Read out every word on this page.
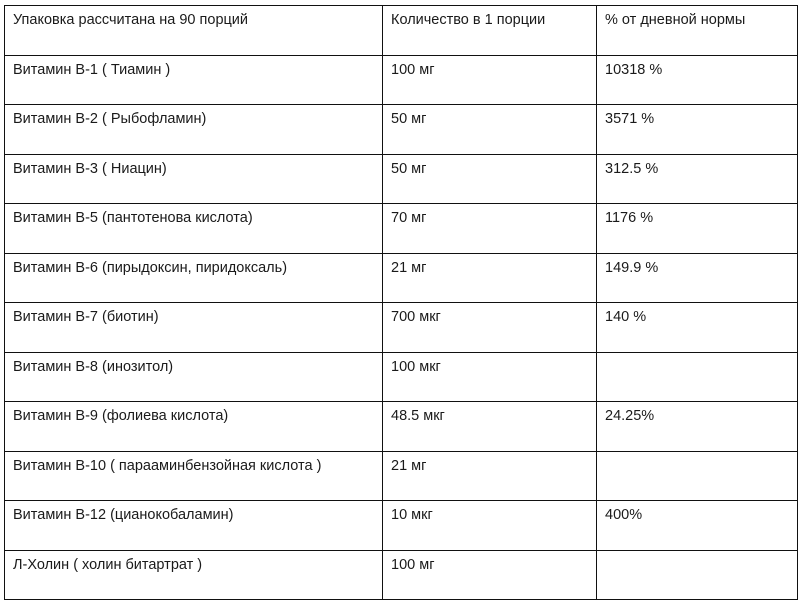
Упаковка рассчитана на 90 порций	Количество в 1 порции	% от дневной нормы
Витамин В-1 ( Тиамин )	100 мг	10318 %
Витамин В-2 ( Рыбофламин)	50 мг	3571 %
Витамин В-3 ( Ниацин)	50 мг	312.5 %
Витамин В-5 (пантотенова кислота)	70 мг	1176 %
Витамин В-6 (пирыдоксин, пиридоксаль)	21 мг	149.9 %
Витамин В-7 (биотин)	700 мкг	140 %
Витамин В-8 (инозитол)	100 мкг	
Витамин В-9 (фолиева кислота)	48.5 мкг	24.25%
Витамин В-10 ( парааминбензойная кислота )	21 мг	
Витамин В-12 (цианокобаламин)	10 мкг	400%
Л-Холин ( холин битартрат )	100 мг	
